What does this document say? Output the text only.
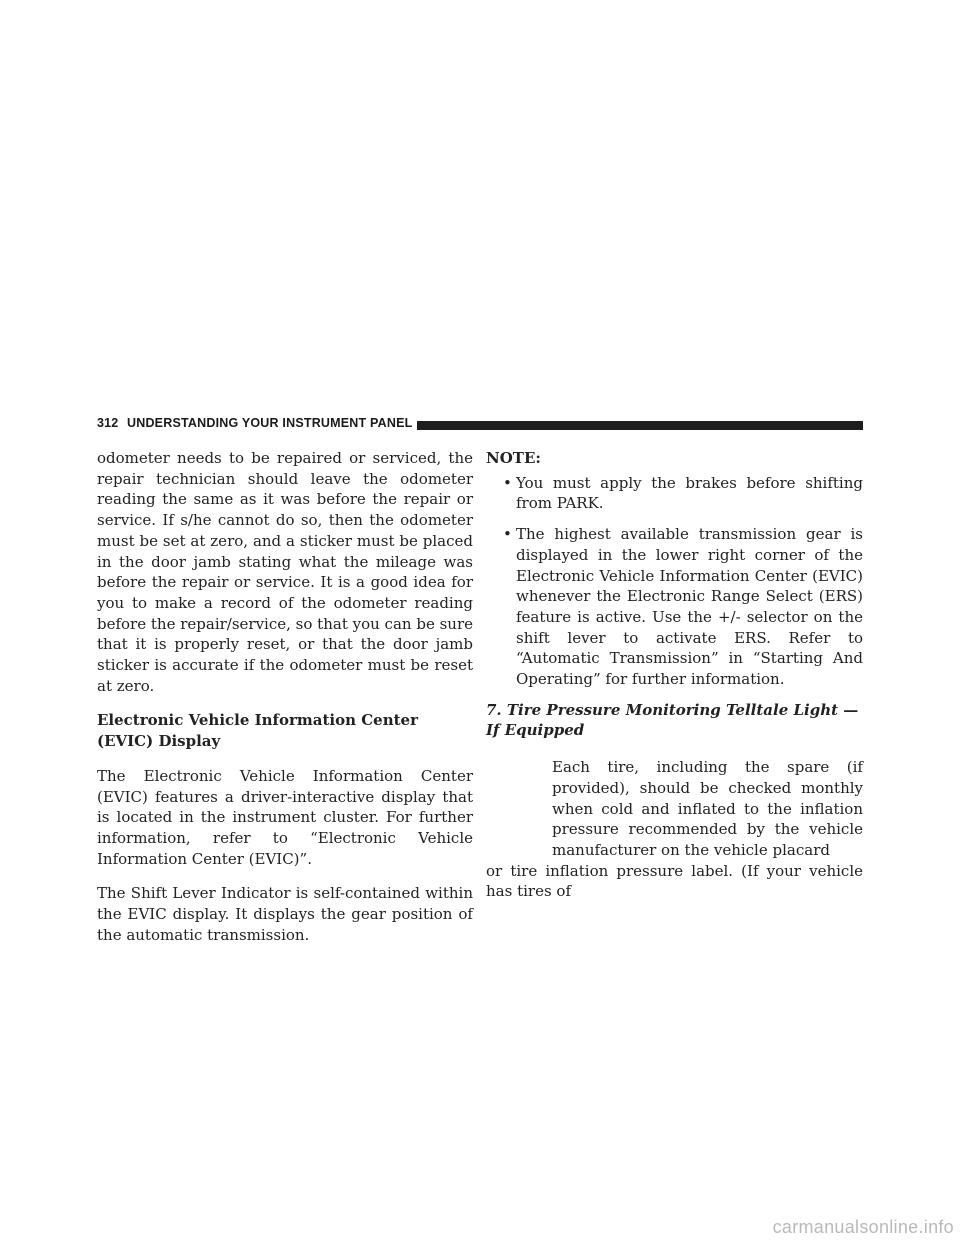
312 UNDERSTANDING YOUR INSTRUMENT PANEL

odometer needs to be repaired or serviced, the repair technician should leave the odometer reading the same as it was before the repair or service. If s/he cannot do so, then the odometer must be set at zero, and a sticker must be placed in the door jamb stating what the mileage was before the repair or service. It is a good idea for you to make a record of the odometer reading before the repair/service, so that you can be sure that it is properly reset, or that the door jamb sticker is accurate if the odometer must be reset at zero.

Electronic Vehicle Information Center (EVIC) Display

The Electronic Vehicle Information Center (EVIC) features a driver-interactive display that is located in the instrument cluster. For further information, refer to “Electronic Vehicle Information Center (EVIC)”.

The Shift Lever Indicator is self-contained within the EVIC display. It displays the gear position of the automatic transmission.

NOTE:
• You must apply the brakes before shifting from PARK.
• The highest available transmission gear is displayed in the lower right corner of the Electronic Vehicle Information Center (EVIC) whenever the Electronic Range Select (ERS) feature is active. Use the +/- selector on the shift lever to activate ERS. Refer to “Automatic Transmission” in “Starting And Operating” for further information.
7. Tire Pressure Monitoring Telltale Light — If Equipped

Each tire, including the spare (if provided), should be checked monthly when cold and inflated to the inflation pressure recommended by the vehicle manufacturer on the vehicle placard

or tire inflation pressure label. (If your vehicle has tires of

carmanualsonline.info
